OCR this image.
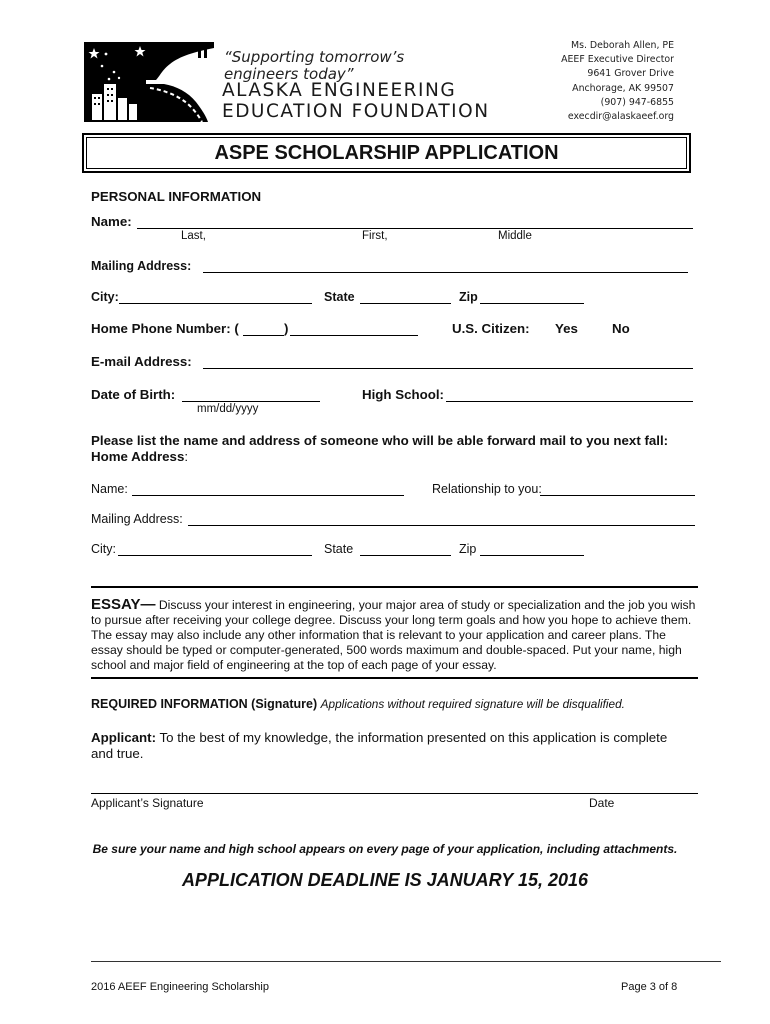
“Supporting tomorrow’s
engineers today”
ALASKA ENGINEERING
EDUCATION FOUNDATION
Ms. Deborah Allen, PE
AEEF Executive Director
9641 Grover Drive
Anchorage, AK 99507
(907) 947-6855
execdir@alaskaeef.org
ASPE SCHOLARSHIP APPLICATION
PERSONAL INFORMATION
Name:
Last,	First,	Middle
Mailing Address:
City:	State	Zip
Home Phone Number: (	)	U.S. Citizen: Yes	No
E-mail Address:
Date of Birth:
mm/dd/yyyy
High School:
Please list the name and address of someone who will be able forward mail to you next fall:
Home Address:
Name:	Relationship to you:
Mailing Address:
City:	State	Zip
ESSAY— Discuss your interest in engineering, your major area of study or specialization and the job you wish to pursue after receiving your college degree. Discuss your long term goals and how you hope to achieve them. The essay may also include any other information that is relevant to your application and career plans. The essay should be typed or computer-generated, 500 words maximum and double-spaced. Put your name, high school and major field of engineering at the top of each page of your essay.
REQUIRED INFORMATION (Signature) Applications without required signature will be disqualified.
Applicant: To the best of my knowledge, the information presented on this application is complete
and true.
Applicant’s Signature	Date
Be sure your name and high school appears on every page of your application, including attachments.
APPLICATION DEADLINE IS JANUARY 15, 2016
2016 AEEF Engineering Scholarship	Page 3 of 8
